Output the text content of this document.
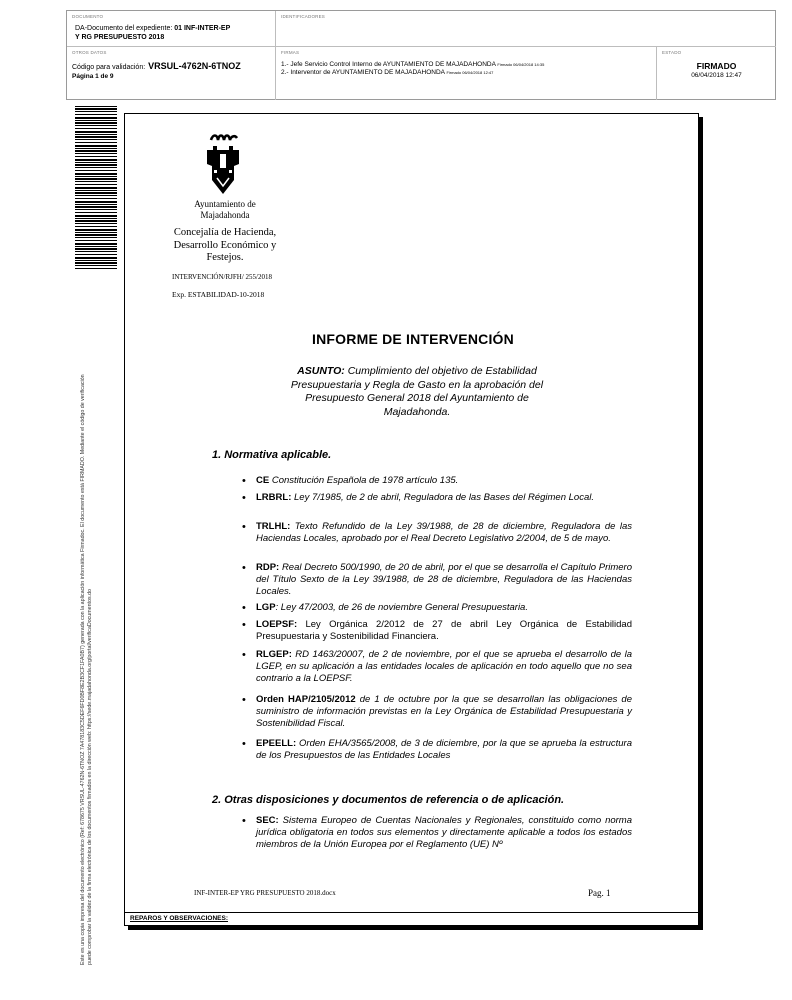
DOCUMENTO
DA-Documento del expediente: 01 INF-INTER-EP
Y RG PRESUPUESTO 2018
IDENTIFICADORES
OTROS DATOS
Código para validación: VRSUL-4762N-6TNOZ
Página 1 de 9
FIRMAS
1.- Jefe Servicio Control Interno de AYUNTAMIENTO DE MAJADAHONDA Firmado 06/04/2018 14:35
2.- Interventor de AYUNTAMIENTO DE MAJADAHONDA Firmado 06/04/2018 12:47
ESTADO
FIRMADO
06/04/2018 12:47
Este es una copia impresa del documento electrónico (Ref: 678675 VRSUL-4762N-6TNOZ 7A478183C5DEF6FD0BF8E2B3CF1FA0B7) generada con la aplicación informática Firmadoc. El documento está FIRMADO. Mediante el código de verificación puede comprobar la validez de la firma electrónica de los documentos firmados en la dirección web: https://sede.majadahonda.org/portal/verificaDocumentos.do	REPAROS Y OBSERVACIONES:
Ayuntamiento de Majadahonda
Concejalía de Hacienda, Desarrollo Económico y Festejos.
INTERVENCIÓN/RJFH/ 255/2018
Exp. ESTABILIDAD-10-2018
INFORME DE INTERVENCIÓN
ASUNTO: Cumplimiento del objetivo de Estabilidad Presupuestaria y Regla de Gasto en la aprobación del Presupuesto General 2018 del Ayuntamiento de Majadahonda.
1. Normativa aplicable.
• CE Constitución Española de 1978 artículo 135.
• LRBRL: Ley 7/1985, de 2 de abril, Reguladora de las Bases del Régimen Local.
• TRLHL: Texto Refundido de la Ley 39/1988, de 28 de diciembre, Reguladora de las Haciendas Locales, aprobado por el Real Decreto Legislativo 2/2004, de 5 de mayo.
• RDP: Real Decreto 500/1990, de 20 de abril, por el que se desarrolla el Capítulo Primero del Título Sexto de la Ley 39/1988, de 28 de diciembre, Reguladora de las Haciendas Locales.
• LGP: Ley 47/2003, de 26 de noviembre General Presupuestaria.
• LOEPSF: Ley Orgánica 2/2012 de 27 de abril Ley Orgánica de Estabilidad Presupuestaria y Sostenibilidad Financiera.
• RLGEP: RD 1463/20007, de 2 de noviembre, por el que se aprueba el desarrollo de la LGEP, en su aplicación a las entidades locales de aplicación en todo aquello que no sea contrario a la LOEPSF.
• Orden HAP/2105/2012 de 1 de octubre por la que se desarrollan las obligaciones de suministro de información previstas en la Ley Orgánica de Estabilidad Presupuestaria y Sostenibilidad Fiscal.
• EPEELL: Orden EHA/3565/2008, de 3 de diciembre, por la que se aprueba la estructura de los Presupuestos de las Entidades Locales
2. Otras disposiciones y documentos de referencia o de aplicación.
• SEC: Sistema Europeo de Cuentas Nacionales y Regionales, constituido como norma jurídica obligatoria en todos sus elementos y directamente aplicable a todos los estados miembros de la Unión Europea por el Reglamento (UE) Nº
INF-INTER-EP YRG PRESUPUESTO 2018.docx	Pag. 1
